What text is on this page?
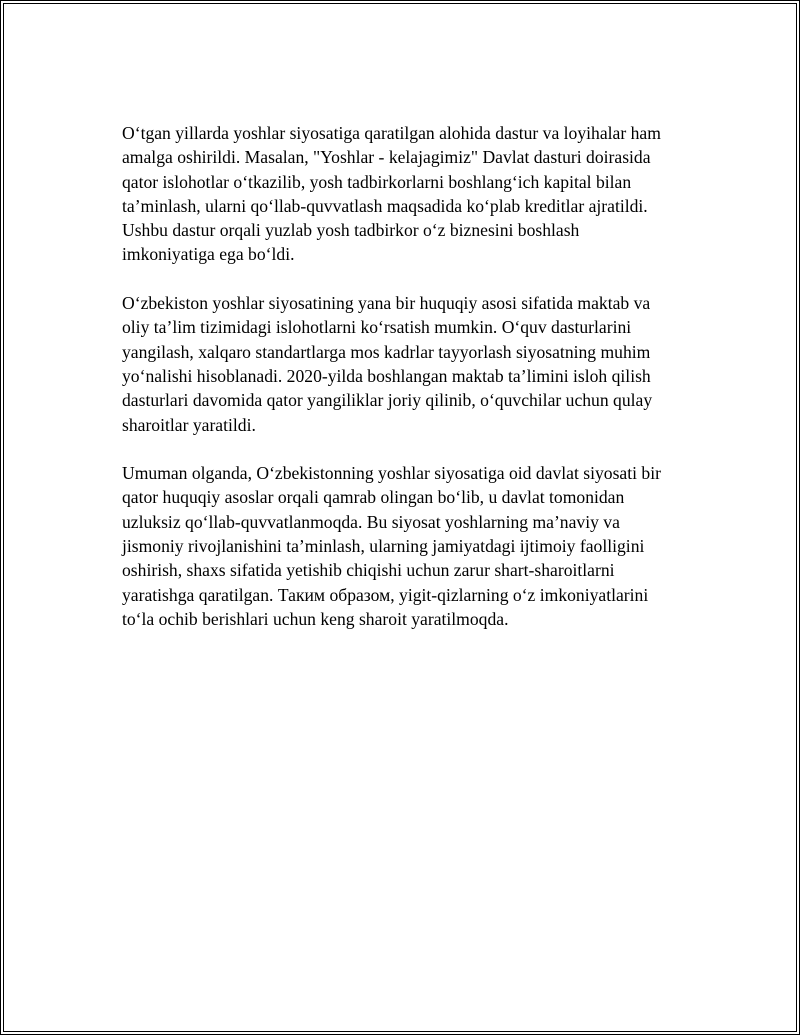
O‘tgan yillarda yoshlar siyosatiga qaratilgan alohida dastur va loyihalar ham
amalga oshirildi. Masalan, "Yoshlar - kelajagimiz" Davlat dasturi doirasida
qator islohotlar o‘tkazilib, yosh tadbirkorlarni boshlang‘ich kapital bilan
ta’minlash, ularni qo‘llab-quvvatlash maqsadida ko‘plab kreditlar ajratildi.
Ushbu dastur orqali yuzlab yosh tadbirkor o‘z biznesini boshlash
imkoniyatiga ega bo‘ldi.

O‘zbekiston yoshlar siyosatining yana bir huquqiy asosi sifatida maktab va
oliy ta’lim tizimidagi islohotlarni ko‘rsatish mumkin. O‘quv dasturlarini
yangilash, xalqaro standartlarga mos kadrlar tayyorlash siyosatning muhim
yo‘nalishi hisoblanadi. 2020-yilda boshlangan maktab ta’limini isloh qilish
dasturlari davomida qator yangiliklar joriy qilinib, o‘quvchilar uchun qulay
sharoitlar yaratildi.

Umuman olganda, O‘zbekistonning yoshlar siyosatiga oid davlat siyosati bir
qator huquqiy asoslar orqali qamrab olingan bo‘lib, u davlat tomonidan
uzluksiz qo‘llab-quvvatlanmoqda. Bu siyosat yoshlarning ma’naviy va
jismoniy rivojlanishini ta’minlash, ularning jamiyatdagi ijtimoiy faolligini
oshirish, shaxs sifatida yetishib chiqishi uchun zarur shart-sharoitlarni
yaratishga qaratilgan. Таким образом, yigit-qizlarning o‘z imkoniyatlarini
to‘la ochib berishlari uchun keng sharoit yaratilmoqda.
